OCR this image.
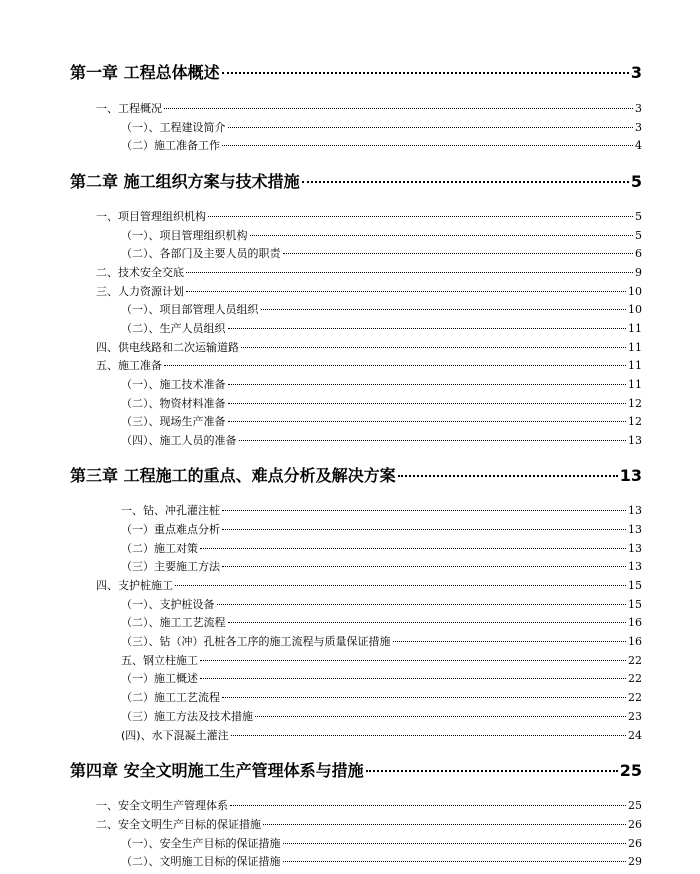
第一章 工程总体概述	3
一、工程概况	3
（一）、工程建设简介	3
（二）施工准备工作	4
第二章 施工组织方案与技术措施	5
一、项目管理组织机构	5
（一）、项目管理组织机构	5
（二）、各部门及主要人员的职责	6
二、技术安全交底	9
三、人力资源计划	10
（一）、项目部管理人员组织	10
（二）、生产人员组织	11
四、供电线路和二次运输道路	11
五、施工准备	11
（一）、施工技术准备	11
（二）、物资材料准备	12
（三）、现场生产准备	12
（四）、施工人员的准备	13
第三章 工程施工的重点、难点分析及解决方案	13
一、钻、冲孔灌注桩	13
（一）重点难点分析	13
（二）施工对策	13
（三）主要施工方法	13
四、支护桩施工	15
（一）、支护桩设备	15
（二）、施工工艺流程	16
（三）、钻（冲）孔桩各工序的施工流程与质量保证措施	16
五、钢立柱施工	22
（一）施工概述	22
（二）施工工艺流程	22
（三）施工方法及技术措施	23
(四)、水下混凝土灌注	24
第四章 安全文明施工生产管理体系与措施	25
一、安全文明生产管理体系	25
二、安全文明生产目标的保证措施	26
（一）、安全生产目标的保证措施	26
（二）、文明施工目标的保证措施	29
